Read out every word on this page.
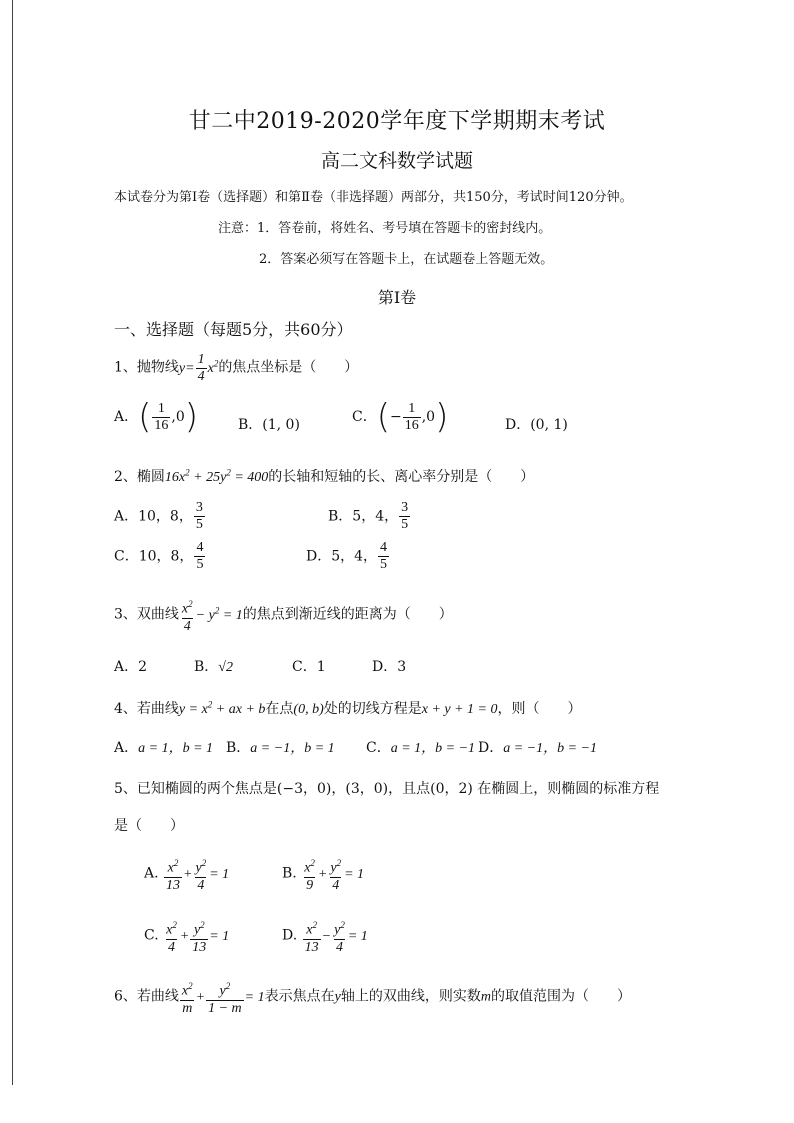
甘二中2019-2020学年度下学期期末考试
高二文科数学试题
本试卷分为第Ⅰ卷（选择题）和第Ⅱ卷（非选择题）两部分，共150分，考试时间120分钟。
注意：1．答卷前，将姓名、考号填在答题卡的密封线内。
2．答案必须写在答题卡上，在试题卷上答题无效。
第Ⅰ卷
一、选择题（每题5分，共60分）
1、抛物线$y= \frac{1}{4} x^2$的焦点坐标是（　　）
A．( $\frac{1}{16} ,0$)	B．(1, 0)	C．(− $\frac{1}{16} ,0$)	D．(0, 1)
2、椭圆$16x^2 + 25y^2 = 400$的长轴和短轴的长、离心率分别是（　　）
A．10，8， $\frac{3}{5}$	B．5，4， $\frac{3}{5}$
C．10，8， $\frac{4}{5}$	D．5，4， $\frac{4}{5}$
3、双曲线 $\frac{x^2}{4} - y^2 = 1$的焦点到渐近线的距离为（　　）
A．2	B．√2	C．1	D．3
4、若曲线$y = x^2$ + ax + b在点(0, b)处的切线方程是x + y + 1 = 0，则（　　）
A．a = 1，b = 1 B．a = −1，b = 1 C．a = 1，b = −1 D．a = −1，b = −1
5、已知椭圆的两个焦点是(−3，0)，(3，0)，且点(0，2) 在椭圆上，则椭圆的标准方程
是（　　）
A. $\frac{x^2}{13} + \frac{y^2}{4} = 1$	B. $\frac{x^2}{9} + \frac{y^2}{4} = 1$
C. $\frac{x^2}{4} + \frac{y^2}{13} = 1$	D. $\frac{x^2}{13} - \frac{y^2}{4} = 1$
6、若曲线 $\frac{x^2}{m} + \frac{y^2}{1 - m} = 1$表示焦点在y轴上的双曲线，则实数m的取值范围为（　　）
